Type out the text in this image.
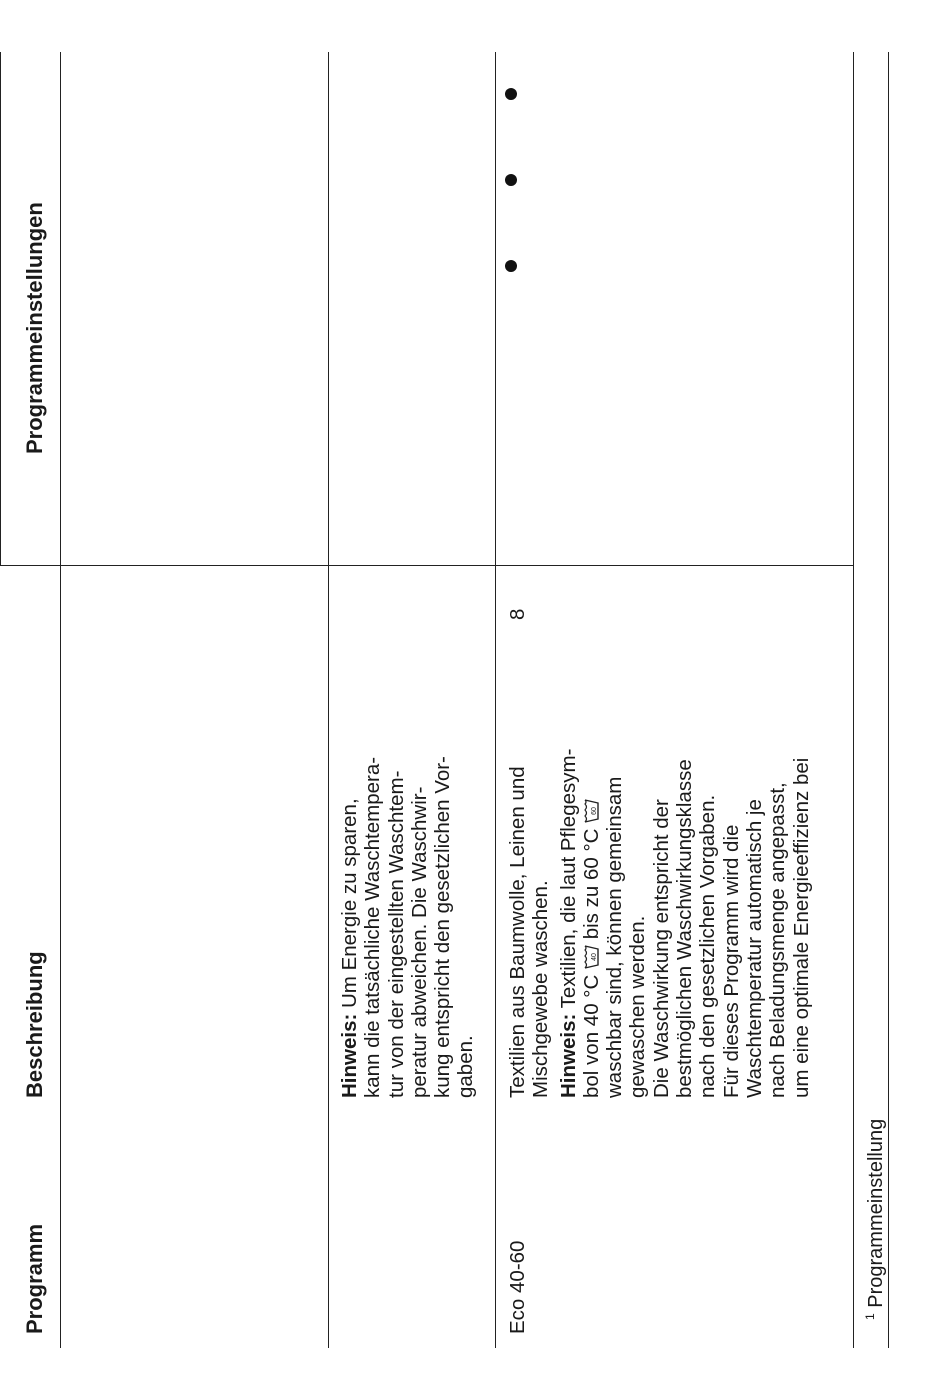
Programm
Beschreibung
Programmeinstellungen
Hinweis: Um Energie zu sparen, kann die tatsächliche Waschtempera- tur von der eingestellten Waschtem- peratur abweichen. Die Waschwir- kung entspricht den gesetzlichen Vor- gaben.
Eco 40-60
Textilien aus Baumwolle, Leinen und Mischgewebe waschen. Hinweis: Textilien, die laut Pflegesym-
bol von 40 °C
40
bis zu 60 °C
60 waschbar sind, können gemeinsam gewaschen werden. Die Waschwirkung entspricht der bestmöglichen Waschwirkungsklasse nach den gesetzlichen Vorgaben. Für dieses Programm wird die Waschtemperatur automatisch je nach Beladungsmenge angepasst, um eine optimale Energieeffizienz bei
8
$^1$ Programmeinstellung
